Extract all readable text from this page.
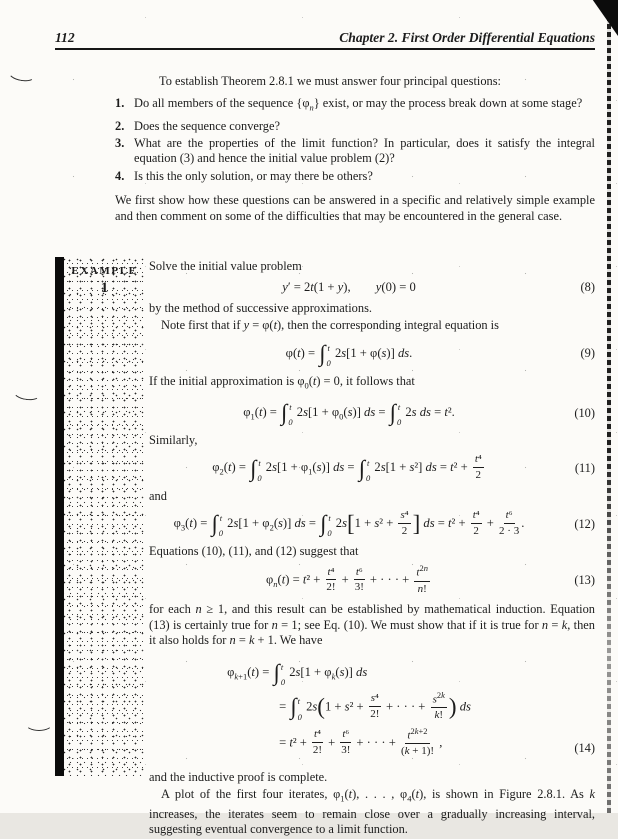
112	Chapter 2. First Order Differential Equations

To establish Theorem 2.8.1 we must answer four principal questions:

1. Do all members of the sequence $\{\varphi_n\}$ exist, or may the process break down at some stage?
2. Does the sequence converge?
3. What are the properties of the limit function? In particular, does it satisfy the integral equation (3) and hence the initial value problem (2)?
4. Is this the only solution, or may there be others?

We first show how these questions can be answered in a specific and relatively simple example and then comment on some of the difficulties that may be encountered in the general case.

EXAMPLE
1

Solve the initial value problem

y′ = 2t(1 + y),  y(0) = 0	(8)

by the method of successive approximations.

Note first that if y = φ(t), then the corresponding integral equation is

φ(t) = ∫ t
0
2s[1 + φ(s)] ds.	(9)

If the initial approximation is $\varphi_0(t) = 0$, it follows that

$\varphi_1(t)$ = ∫ t
0
$2s[1 + \varphi_0(s)]$ ds = ∫ t
0
2s ds = t².	(10)

Similarly,

$\varphi_2(t)$ = ∫ t
0
$2s[1 + \varphi_1(s)]$ ds = ∫ t
0
2s[1 + s²] ds = $t^2 + \frac{\text{t⁴}}{2}$	(11)

and

$\varphi_3(t)$ = ∫ t
0
$2s[1 + \varphi_2(s)]$ ds = ∫ t
0
$2s[1 + s^2 + \frac{\text{s⁴}}{2}$ ] ds = $t^2 + \frac{\text{t⁴}}{2} + \frac{\text{t⁶}}{2 \cdot 3}$ .	(12)

Equations (10), (11), and (12) suggest that

$\varphi_n(t) = t^2 + \frac{\text{t⁴}}{2!} + \frac{\text{t⁶}}{3!}$ + · · · + $\frac{t^{2n}}{n!}$	(13)

for each n ≥ 1, and this result can be established by mathematical induction. Equation (13) is certainly true for n = 1; see Eq. (10). We must show that if it is true for n = k, then it also holds for n = k + 1. We have

$\varphi_{k+1}(t)$ = ∫ t
0
$2s[1 + \varphi_k(s)]$ ds
= ∫ t
0
$2s(1 + s^2 + \frac{\text{s⁴}}{2!}$ + · · · + $\frac{s^{2k}}{k!}$ ) ds
= $t^2 + \frac{\text{t⁴}}{2!} + \frac{\text{t⁶}}{3!}$ + · · · + $\frac{t^{2k+2}}{(k + 1)!}$ ,	(14)

and the inductive proof is complete.

A plot of the first four iterates, $\varphi_1(t)$, . . . , $\varphi_4(t)$, is shown in Figure 2.8.1. As k increases, the iterates seem to remain close over a gradually increasing interval, suggesting eventual convergence to a limit function.
